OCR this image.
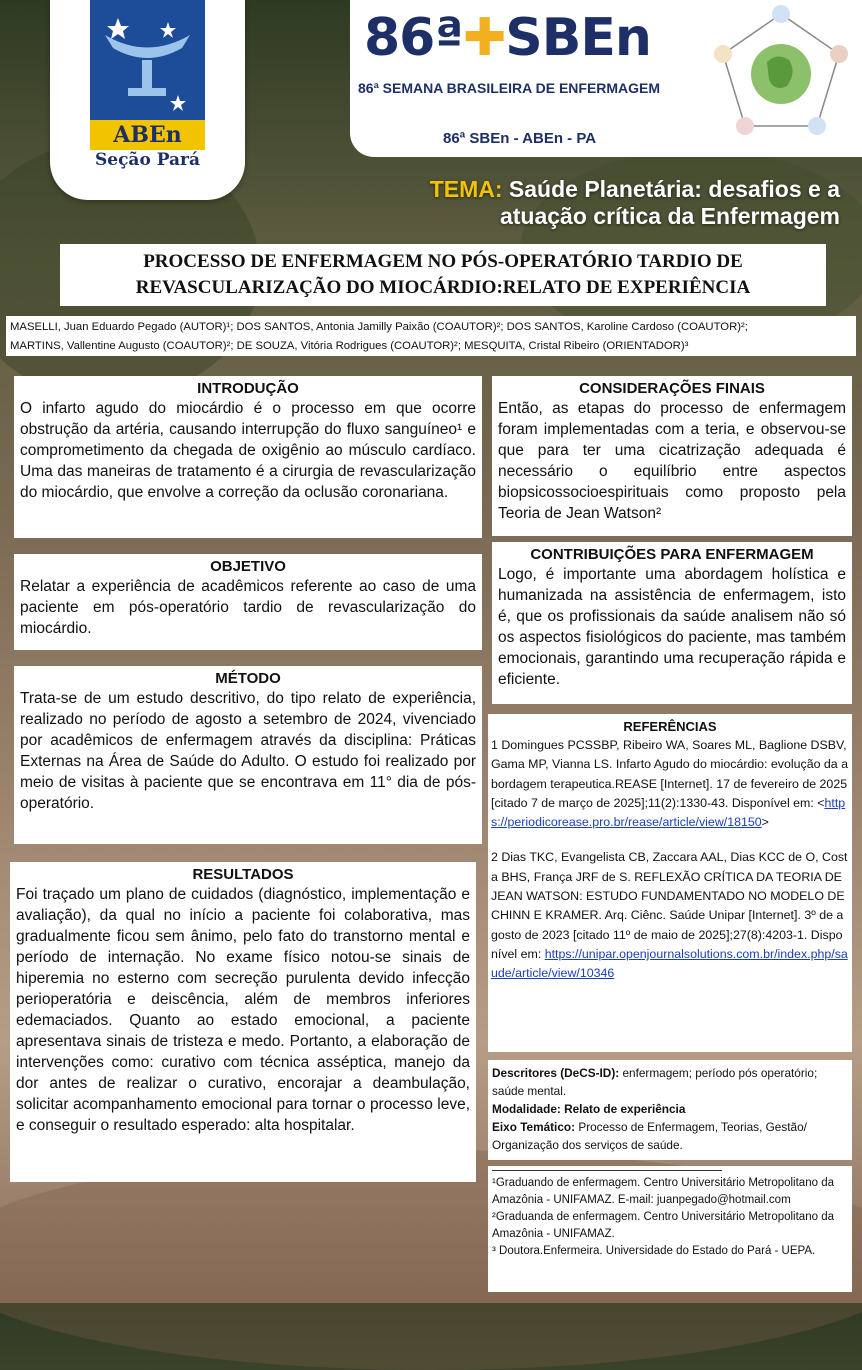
ABEn
Seção Pará
86ª✚SBEn
86ª SEMANA BRASILEIRA DE ENFERMAGEM
86ª SBEn - ABEn - PA
TEMA: Saúde Planetária: desafios e a
atuação crítica da Enfermagem
PROCESSO DE ENFERMAGEM NO PÓS-OPERATÓRIO TARDIO DE
REVASCULARIZAÇÃO DO MIOCÁRDIO:RELATO DE EXPERIÊNCIA
MASELLI, Juan Eduardo Pegado (AUTOR)¹; DOS SANTOS, Antonia Jamilly Paixão (COAUTOR)²; DOS SANTOS, Karoline Cardoso (COAUTOR)²;
MARTINS, Vallentine Augusto (COAUTOR)²; DE SOUZA, Vitória Rodrigues (COAUTOR)²; MESQUITA, Cristal Ribeiro (ORIENTADOR)³
INTRODUÇÃO

O infarto agudo do miocárdio é o processo em que ocorre obstrução da artéria, causando interrupção do fluxo sanguíneo¹ e comprometimento da chegada de oxigênio ao músculo cardíaco. Uma das maneiras de tratamento é a cirurgia de revascularização do miocárdio, que envolve a correção da oclusão coronariana.

OBJETIVO

Relatar a experiência de acadêmicos referente ao caso de uma paciente em pós-operatório tardio de revascularização do miocárdio.

MÉTODO

Trata-se de um estudo descritivo, do tipo relato de experiência, realizado no período de agosto a setembro de 2024, vivenciado por acadêmicos de enfermagem através da disciplina: Práticas Externas na Área de Saúde do Adulto. O estudo foi realizado por meio de visitas à paciente que se encontrava em 11° dia de pós-operatório.

RESULTADOS

Foi traçado um plano de cuidados (diagnóstico, implementação e avaliação), da qual no início a paciente foi colaborativa, mas gradualmente ficou sem ânimo, pelo fato do transtorno mental e período de internação. No exame físico notou-se sinais de hiperemia no esterno com secreção purulenta devido infecção perioperatória e deiscência, além de membros inferiores edemaciados. Quanto ao estado emocional, a paciente apresentava sinais de tristeza e medo. Portanto, a elaboração de intervenções como: curativo com técnica asséptica, manejo da dor antes de realizar o curativo, encorajar a deambulação, solicitar acompanhamento emocional para tornar o processo leve, e conseguir o resultado esperado: alta hospitalar.

CONSIDERAÇÕES FINAIS

Então, as etapas do processo de enfermagem foram implementadas com a teria, e observou-se que para ter uma cicatrização adequada é necessário o equilíbrio entre aspectos biopsicossocioespirituais como proposto pela Teoria de Jean Watson²

CONTRIBUIÇÕES PARA ENFERMAGEM

Logo, é importante uma abordagem holística e humanizada na assistência de enfermagem, isto é, que os profissionais da saúde analisem não só os aspectos fisiológicos do paciente, mas também emocionais, garantindo uma recuperação rápida e eficiente.

REFERÊNCIAS

1 Domingues PCSSBP, Ribeiro WA, Soares ML, Baglione DSBV, Gama MP, Vianna LS. Infarto Agudo do miocárdio: evolução da abordagem terapeutica.REASE [Internet]. 17 de fevereiro de 2025 [citado 7 de março de 2025];11(2):1330-43. Disponível em: <https://periodicorease.pro.br/rease/article/view/18150>

2 Dias TKC, Evangelista CB, Zaccara AAL, Dias KCC de O, Costa BHS, França JRF de S. REFLEXÃO CRÍTICA DA TEORIA DE JEAN WATSON: ESTUDO FUNDAMENTADO NO MODELO DE CHINN E KRAMER. Arq. Ciênc. Saúde Unipar [Internet]. 3º de agosto de 2023 [citado 11º de maio de 2025];27(8):4203-1. Disponível em: https://unipar.openjournalsolutions.com.br/index.php/saude/article/view/10346

Descritores (DeCS-ID): enfermagem; período pós operatório; saúde mental.
Modalidade: Relato de experiência
Eixo Temático: Processo de Enfermagem, Teorias, Gestão/ Organização dos serviços de saúde.
¹Graduando de enfermagem. Centro Universitário Metropolitano da Amazônia - UNIFAMAZ. E-mail: juanpegado@hotmail.com
²Graduanda de enfermagem. Centro Universitário Metropolitano da Amazônia - UNIFAMAZ.
³ Doutora.Enfermeira. Universidade do Estado do Pará - UEPA.
